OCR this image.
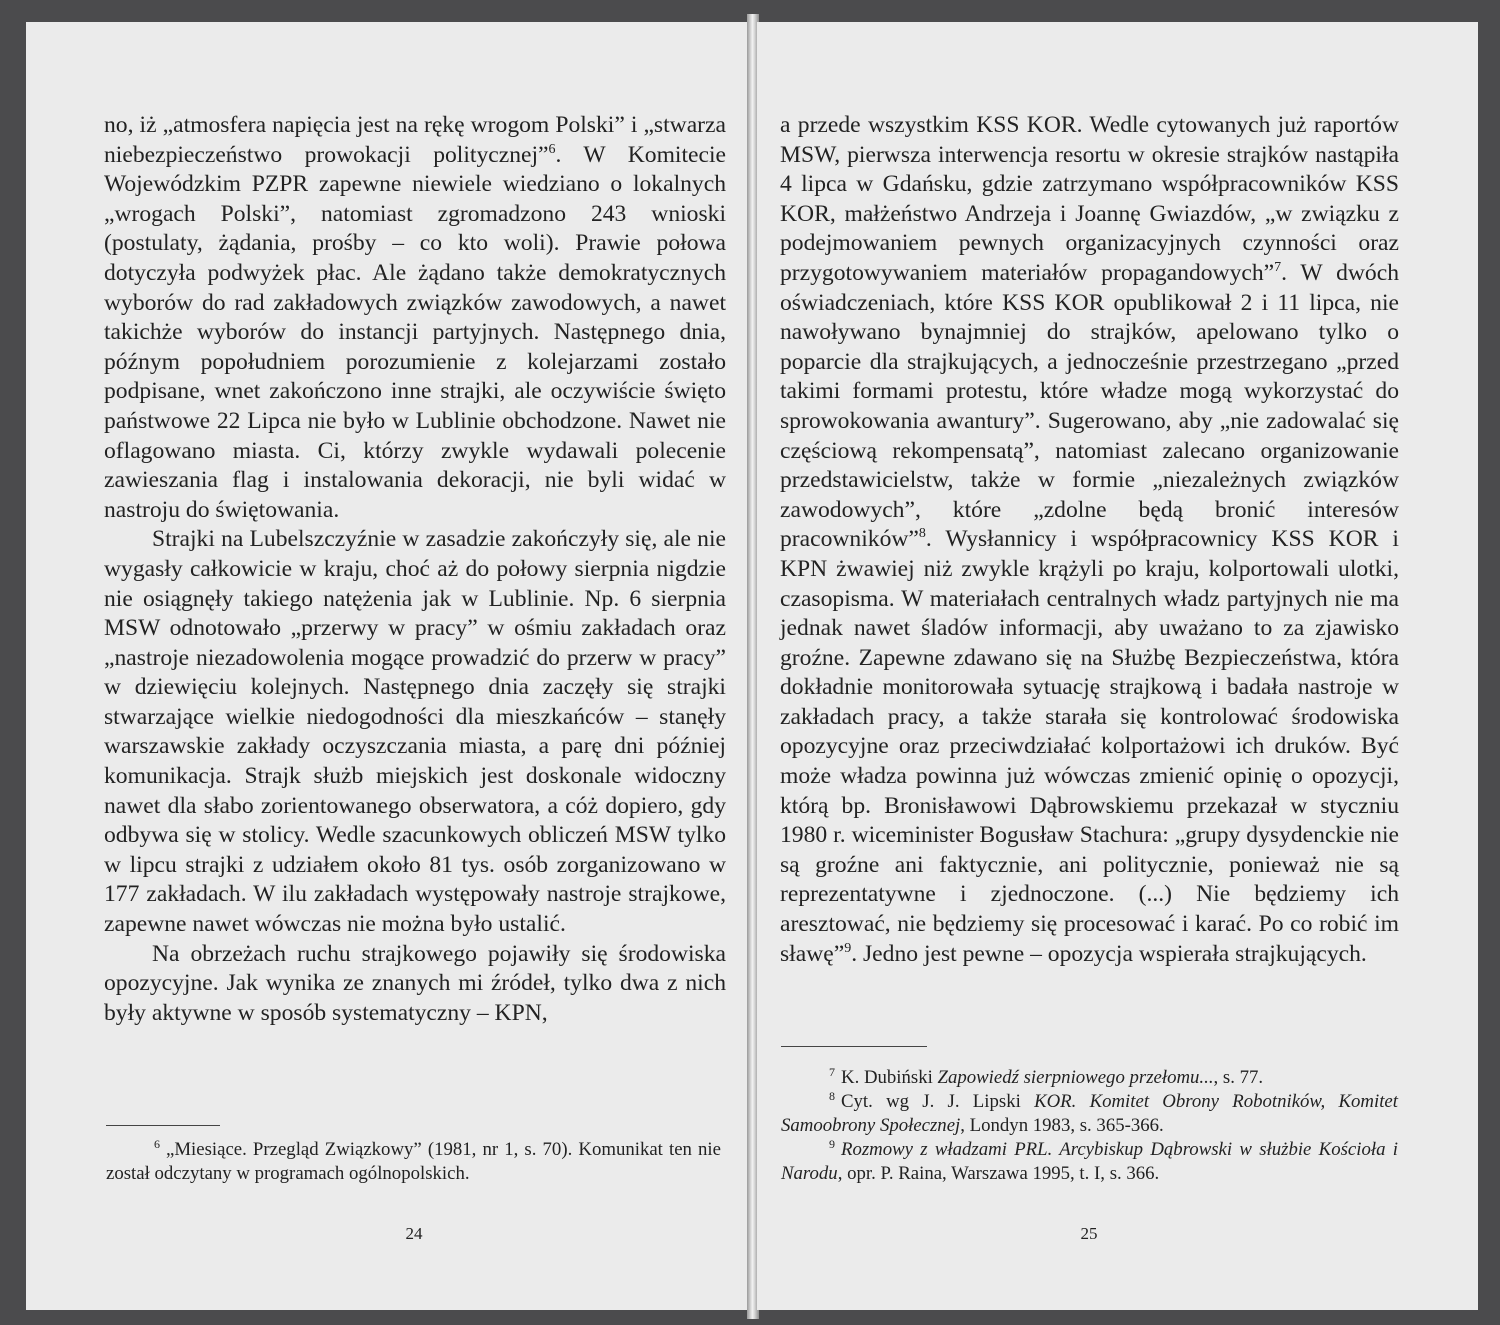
no, iż „atmosfera napięcia jest na rękę wrogom Polski” i „stwarza niebezpieczeństwo prowokacji politycznej”$^6$. W Komitecie Wojewódzkim PZPR zapewne niewiele wiedziano o lokalnych „wrogach Polski”, natomiast zgromadzono 243 wnioski (postulaty, żądania, prośby – co kto woli). Prawie połowa dotyczyła podwyżek płac. Ale żądano także demokratycznych wyborów do rad zakładowych związków zawodowych, a nawet takichże wyborów do instancji partyjnych. Następnego dnia, późnym popołudniem porozumienie z kolejarzami zostało podpisane, wnet zakończono inne strajki, ale oczywiście święto państwowe 22 Lipca nie było w Lublinie obchodzone. Nawet nie oflagowano miasta. Ci, którzy zwykle wydawali polecenie zawieszania flag i instalowania dekoracji, nie byli widać w nastroju do świętowania.

Strajki na Lubelszczyźnie w zasadzie zakończyły się, ale nie wygasły całkowicie w kraju, choć aż do połowy sierpnia nigdzie nie osiągnęły takiego natężenia jak w Lublinie. Np. 6 sierpnia MSW odnotowało „przerwy w pracy” w ośmiu zakładach oraz „nastroje niezadowolenia mogące prowadzić do przerw w pracy” w dziewięciu kolejnych. Następnego dnia zaczęły się strajki stwarzające wielkie niedogodności dla mieszkańców – stanęły warszawskie zakłady oczyszczania miasta, a parę dni później komunikacja. Strajk służb miejskich jest doskonale widoczny nawet dla słabo zorientowanego obserwatora, a cóż dopiero, gdy odbywa się w stolicy. Wedle szacunkowych obliczeń MSW tylko w lipcu strajki z udziałem około 81 tys. osób zorganizowano w 177 zakładach. W ilu zakładach występowały nastroje strajkowe, zapewne nawet wówczas nie można było ustalić.

Na obrzeżach ruchu strajkowego pojawiły się środowiska opozycyjne. Jak wynika ze znanych mi źródeł, tylko dwa z nich były aktywne w sposób systematyczny – KPN,

$^6$ „Miesiące. Przegląd Związkowy” (1981, nr 1, s. 70). Komunikat ten nie został odczytany w programach ogólnopolskich.

24

a przede wszystkim KSS KOR. Wedle cytowanych już raportów MSW, pierwsza interwencja resortu w okresie strajków nastąpiła 4 lipca w Gdańsku, gdzie zatrzymano współpracowników KSS KOR, małżeństwo Andrzeja i Joannę Gwiazdów, „w związku z podejmowaniem pewnych organizacyjnych czynności oraz przygotowywaniem materiałów propagandowych”$^7$. W dwóch oświadczeniach, które KSS KOR opublikował 2 i 11 lipca, nie nawoływano bynajmniej do strajków, apelowano tylko o poparcie dla strajkujących, a jednocześnie przestrzegano „przed takimi formami protestu, które władze mogą wykorzystać do sprowokowania awantury”. Sugerowano, aby „nie zadowalać się częściową rekompensatą”, natomiast zalecano organizowanie przedstawicielstw, także w formie „niezależnych związków zawodowych”, które „zdolne będą bronić interesów pracowników”$^8$. Wysłannicy i współpracownicy KSS KOR i KPN żwawiej niż zwykle krążyli po kraju, kolportowali ulotki, czasopisma. W materiałach centralnych władz partyjnych nie ma jednak nawet śladów informacji, aby uważano to za zjawisko groźne. Zapewne zdawano się na Służbę Bezpieczeństwa, która dokładnie monitorowała sytuację strajkową i badała nastroje w zakładach pracy, a także starała się kontrolować środowiska opozycyjne oraz przeciwdziałać kolportażowi ich druków. Być może władza powinna już wówczas zmienić opinię o opozycji, którą bp. Bronisławowi Dąbrowskiemu przekazał w styczniu 1980 r. wiceminister Bogusław Stachura: „grupy dysydenckie nie są groźne ani faktycznie, ani politycznie, ponieważ nie są reprezentatywne i zjednoczone. (...) Nie będziemy ich aresztować, nie będziemy się procesować i karać. Po co robić im sławę”$^9$. Jedno jest pewne – opozycja wspierała strajkujących.

$^7$ K. Dubiński Zapowiedź sierpniowego przełomu..., s. 77.

$^8$ Cyt. wg J. J. Lipski KOR. Komitet Obrony Robotników, Komitet Samoobrony Społecznej, Londyn 1983, s. 365-366.

$^9$ Rozmowy z władzami PRL. Arcybiskup Dąbrowski w służbie Kościoła i Narodu, opr. P. Raina, Warszawa 1995, t. I, s. 366.

25
